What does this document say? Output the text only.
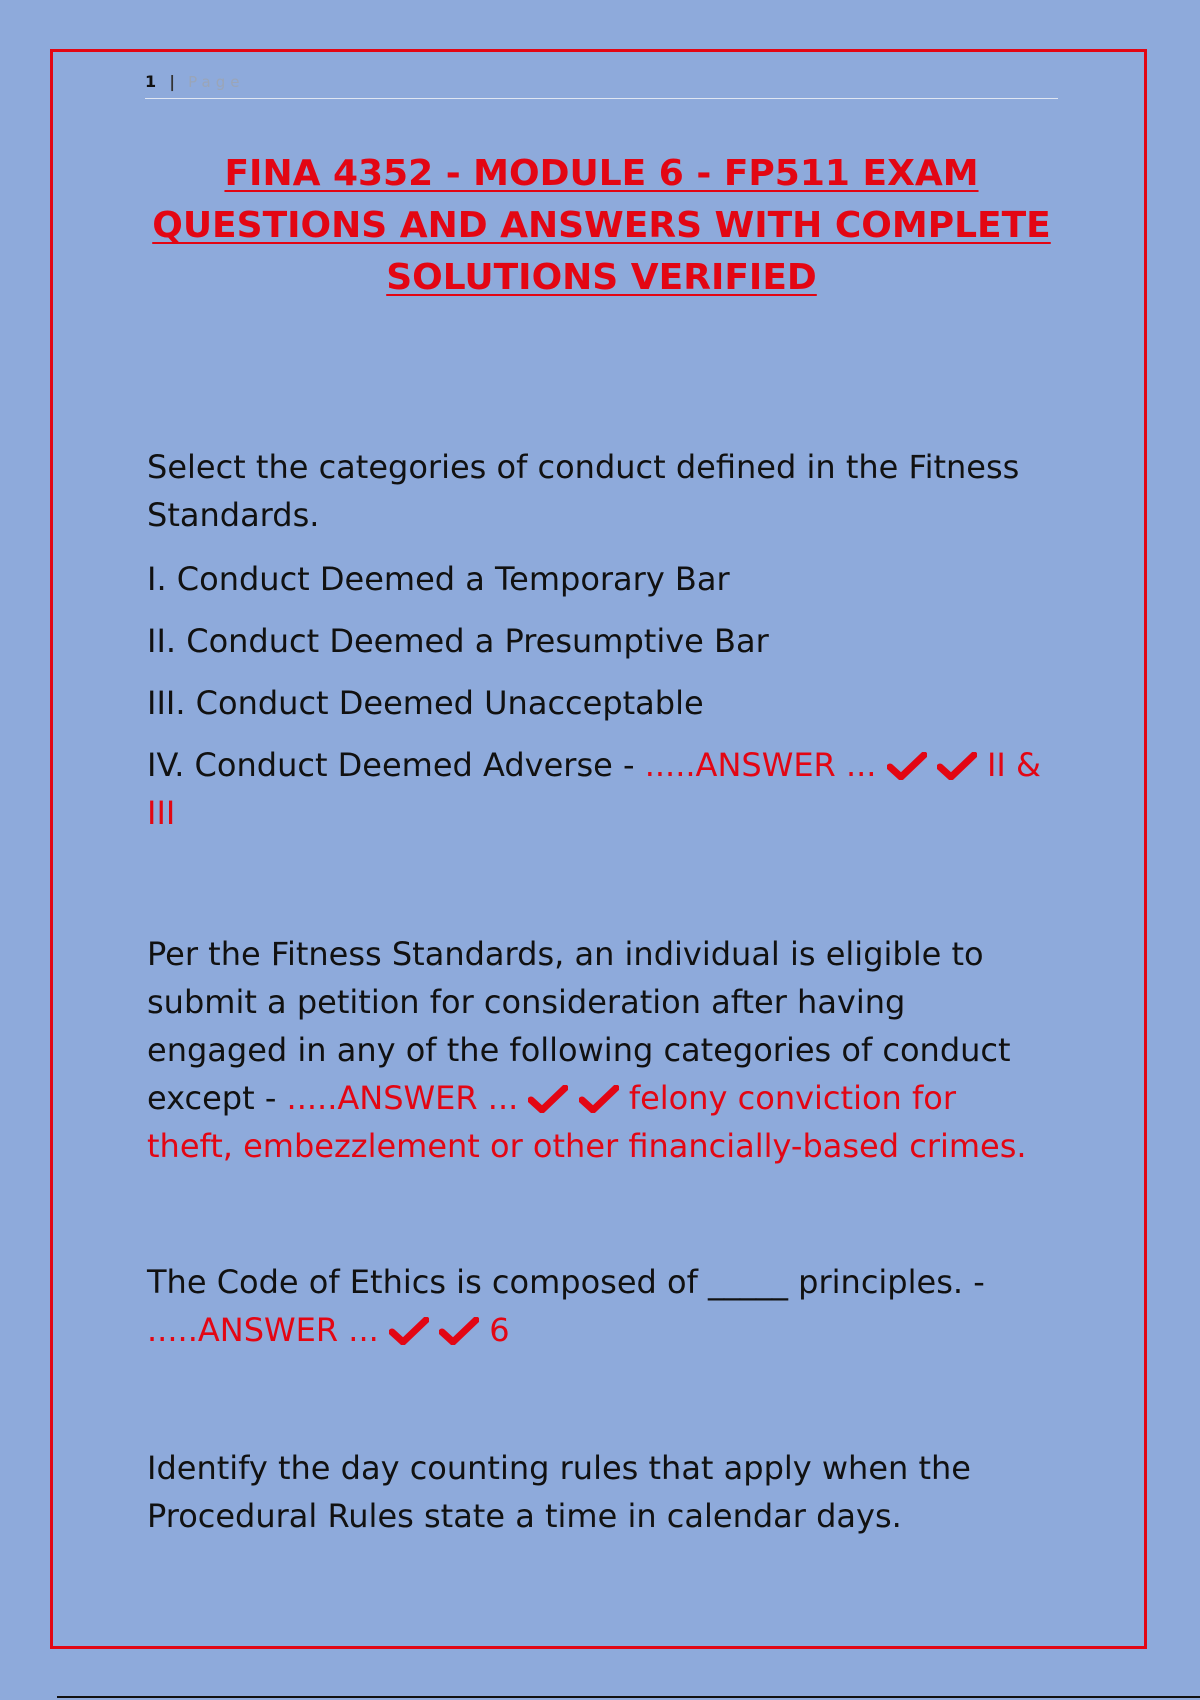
1 | Page
FINA 4352 - MODULE 6 - FP511 EXAM
QUESTIONS AND ANSWERS WITH COMPLETE
SOLUTIONS VERIFIED

Select the categories of conduct defined in the Fitness Standards.

I. Conduct Deemed a Temporary Bar

II. Conduct Deemed a Presumptive Bar

III. Conduct Deemed Unacceptable

IV. Conduct Deemed Adverse - .....ANSWER ...
	II & III

Per the Fitness Standards, an individual is eligible to submit a petition for consideration after having engaged in any of the following categories of conduct except - .....ANSWER ...
	felony conviction for theft, embezzlement or other financially-based crimes.

The Code of Ethics is composed of _____ principles. - .....ANSWER ...
	6

Identify the day counting rules that apply when the Procedural Rules state a time in calendar days.
